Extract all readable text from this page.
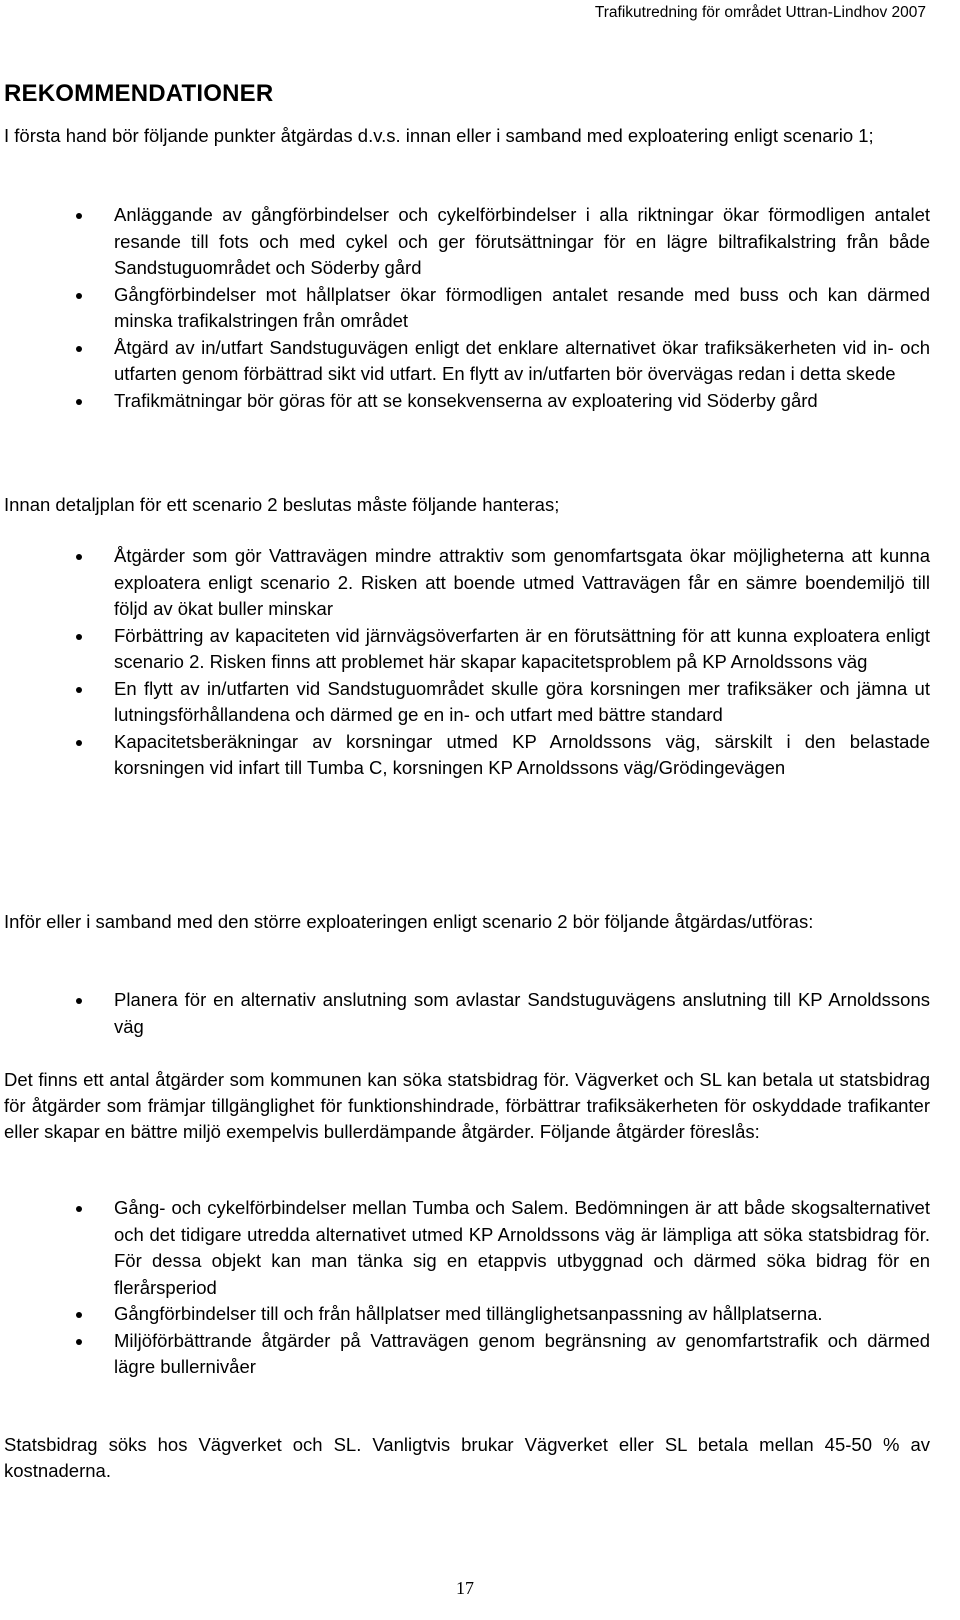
Trafikutredning för området Uttran-Lindhov 2007
REKOMMENDATIONER
I första hand bör följande punkter åtgärdas d.v.s. innan eller i samband med exploatering enligt scenario 1;
Anläggande av gångförbindelser och cykelförbindelser i alla riktningar ökar förmodligen antalet resande till fots och med cykel och ger förutsättningar för en lägre biltrafikalstring från både Sandstuguområdet och Söderby gård
Gångförbindelser mot hållplatser ökar förmodligen antalet resande med buss och kan därmed minska trafikalstringen från området
Åtgärd av in/utfart Sandstuguvägen enligt det enklare alternativet ökar trafiksäkerheten vid in- och utfarten genom förbättrad sikt vid utfart. En flytt av in/utfarten bör övervägas redan i detta skede
Trafikmätningar bör göras för att se konsekvenserna av exploatering vid Söderby gård
Innan detaljplan för ett scenario 2 beslutas måste följande hanteras;
Åtgärder som gör Vattravägen mindre attraktiv som genomfartsgata ökar möjligheterna att kunna exploatera enligt scenario 2. Risken att boende utmed Vattravägen får en sämre boendemiljö till följd av ökat buller minskar
Förbättring av kapaciteten vid järnvägsöverfarten är en förutsättning för att kunna exploatera enligt scenario 2. Risken finns att problemet här skapar kapacitetsproblem på KP Arnoldssons väg
En flytt av in/utfarten vid Sandstuguområdet skulle göra korsningen mer trafiksäker och jämna ut lutningsförhållandena och därmed ge en in- och utfart med bättre standard
Kapacitetsberäkningar av korsningar utmed KP Arnoldssons väg, särskilt i den belastade korsningen vid infart till Tumba C, korsningen KP Arnoldssons väg/Grödingevägen
Inför eller i samband med den större exploateringen enligt scenario 2 bör följande åtgärdas/utföras:
Planera för en alternativ anslutning som avlastar Sandstuguvägens anslutning till KP Arnoldssons väg
Det finns ett antal åtgärder som kommunen kan söka statsbidrag för. Vägverket och SL kan betala ut statsbidrag för åtgärder som främjar tillgänglighet för funktionshindrade, förbättrar trafiksäkerheten för oskyddade trafikanter eller skapar en bättre miljö exempelvis bullerdämpande åtgärder. Följande åtgärder föreslås:
Gång- och cykelförbindelser mellan Tumba och Salem. Bedömningen är att både skogsalternativet och det tidigare utredda alternativet utmed KP Arnoldssons väg är lämpliga att söka statsbidrag för. För dessa objekt kan man tänka sig en etappvis utbyggnad och därmed söka bidrag för en flerårsperiod
Gångförbindelser till och från hållplatser med tillänglighetsanpassning av hållplatserna.
Miljöförbättrande åtgärder på Vattravägen genom begränsning av genomfartstrafik och därmed lägre bullernivåer
Statsbidrag söks hos Vägverket och SL. Vanligtvis brukar Vägverket eller SL betala mellan 45-50 % av kostnaderna.
17
